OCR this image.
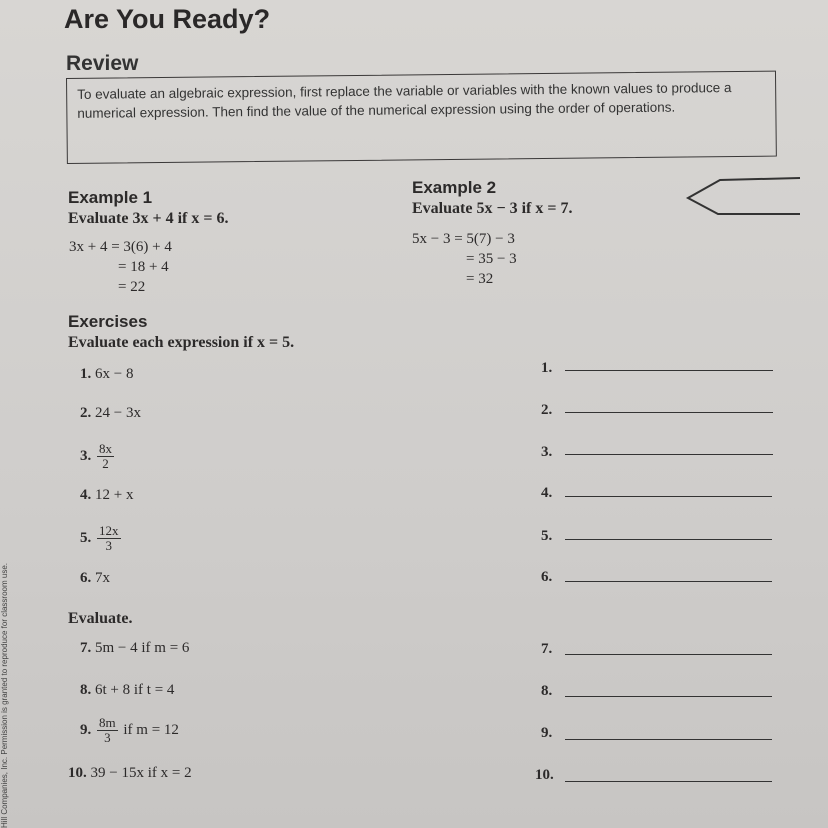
Are You Ready?
Review
To evaluate an algebraic expression, first replace the variable or variables with the known values to produce a numerical expression. Then find the value of the numerical expression using the order of operations.
Example 1
Evaluate 3x + 4 if x = 6.
3x + 4 = 3(6) + 4
= 18 + 4
= 22
Example 2
Evaluate 5x − 3 if x = 7.
5x − 3 = 5(7) − 3
= 35 − 3
= 32
Exercises
Evaluate each expression if x = 5.
1. 6x − 8	1.
2. 24 − 3x	2.
3. $\frac{8x}{2}$	3.
4. 12 + x	4.
5. $\frac{12x}{3}$	5.
6. 7x	6.
Evaluate.
7. 5m − 4 if m = 6	7.
8. 6t + 8 if t = 4	8.
9. $\frac{8m}{3}$ if m = 12	9.
10. 39 − 15x if x = 2	10.
Hill Companies, Inc. Permission is granted to reproduce for classroom use.
